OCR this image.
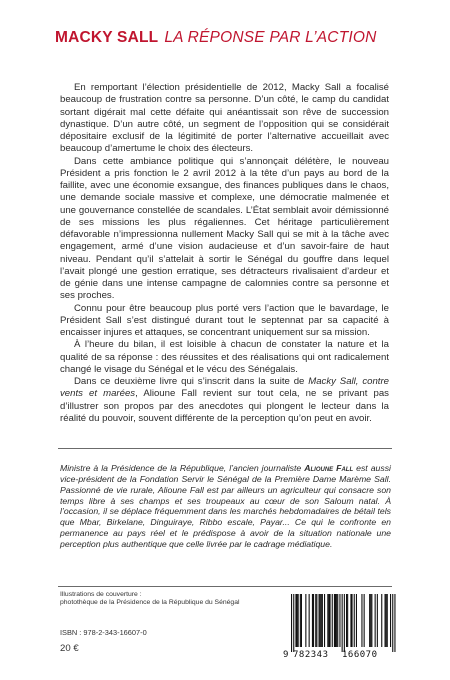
MACKY SALL LA RÉPONSE PAR L’ACTION

En remportant l’élection présidentielle de 2012, Macky Sall a focalisé beaucoup de frustration contre sa personne. D’un côté, le camp du candidat sortant digérait mal cette défaite qui anéantissait son rêve de succession dynastique. D’un autre côté, un segment de l’opposition qui se considérait dépositaire exclusif de la légitimité de porter l’alternative accueillait avec beaucoup d’amertume le choix des électeurs.

Dans cette ambiance politique qui s’annonçait délétère, le nouveau Président a pris fonction le 2 avril 2012 à la tête d’un pays au bord de la faillite, avec une économie exsangue, des finances publiques dans le chaos, une demande sociale massive et complexe, une démocratie malmenée et une gouvernance constellée de scandales. L’État semblait avoir démissionné de ses missions les plus régaliennes. Cet héritage particulièrement défavorable n’impressionna nullement Macky Sall qui se mit à la tâche avec engagement, armé d’une vision audacieuse et d’un savoir-faire de haut niveau. Pendant qu’il s’attelait à sortir le Sénégal du gouffre dans lequel l’avait plongé une gestion erratique, ses détracteurs rivalisaient d’ardeur et de génie dans une intense campagne de calomnies contre sa personne et ses proches.

Connu pour être beaucoup plus porté vers l’action que le bavardage, le Président Sall s’est distingué durant tout le septennat par sa capacité à encaisser injures et attaques, se concentrant uniquement sur sa mission.

À l’heure du bilan, il est loisible à chacun de constater la nature et la qualité de sa réponse : des réussites et des réalisations qui ont radicalement changé le visage du Sénégal et le vécu des Sénégalais.

Dans ce deuxième livre qui s’inscrit dans la suite de Macky Sall, contre vents et marées, Alioune Fall revient sur tout cela, ne se privant pas d’illustrer son propos par des anecdotes qui plongent le lecteur dans la réalité du pouvoir, souvent différente de la perception qu’on peut en avoir.

Ministre à la Présidence de la République, l’ancien journaliste Alioune Fall est aussi vice-président de la Fondation Servir le Sénégal de la Première Dame Marème Sall. Passionné de vie rurale, Alioune Fall est par ailleurs un agriculteur qui consacre son temps libre à ses champs et ses troupeaux au cœur de son Saloum natal. À l’occasion, il se déplace fréquemment dans les marchés hebdomadaires de bétail tels que Mbar, Birkelane, Dinguiraye, Ribbo escale, Payar... Ce qui le confronte en permanence au pays réel et le prédispose à avoir de la situation nationale une perception plus authentique que celle livrée par le cadrage médiatique.
Illustrations de couverture :
photothèque de la Présidence de la République du Sénégal
ISBN : 978-2-343-16607-0
20 €
9 782343 166070
